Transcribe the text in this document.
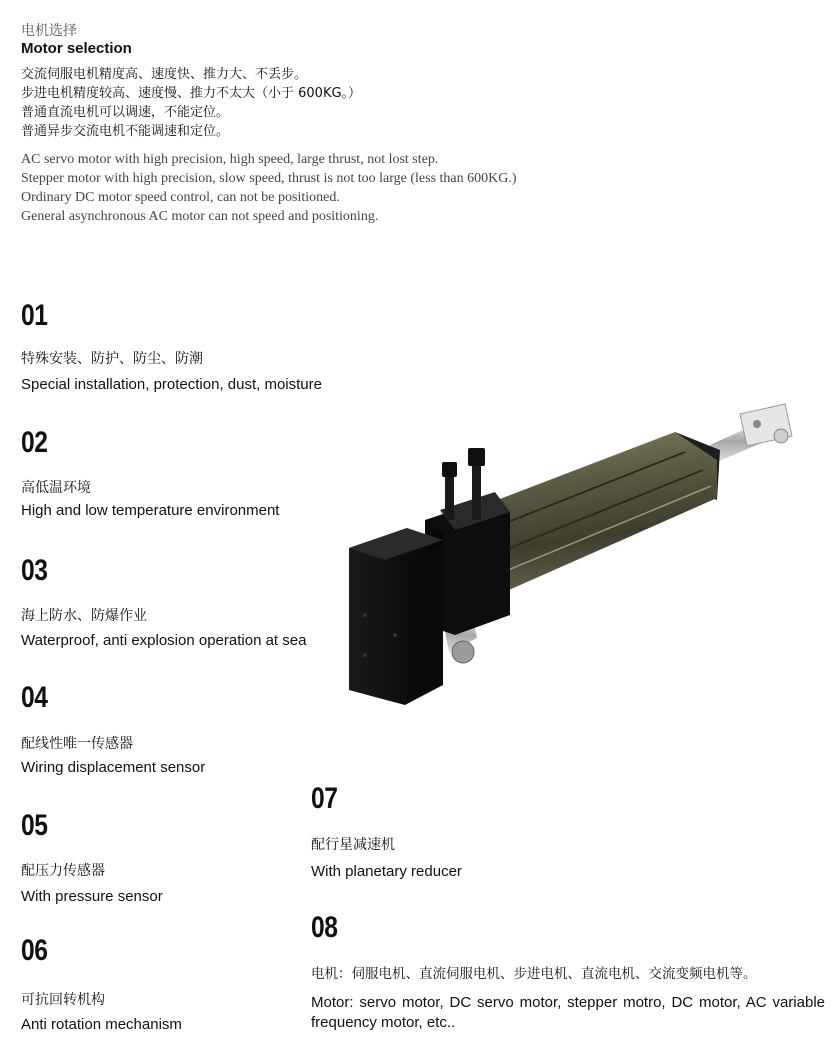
电机选择
Motor selection
交流伺服电机精度高、速度快、推力大、不丢步。
步进电机精度较高、速度慢、推力不太大（小于 600KG。）
普通直流电机可以调速，不能定位。
普通异步交流电机不能调速和定位。
AC servo motor with high precision, high speed, large thrust, not lost step.
Stepper motor with high precision, slow speed, thrust is not too large (less than 600KG.)
Ordinary DC motor speed control, can not be positioned.
General asynchronous AC motor can not speed and positioning.
01
特殊安装、防护、防尘、防潮
Special installation, protection, dust, moisture
02
高低温环境
High and low temperature environment
03
海上防水、防爆作业
Waterproof, anti explosion operation at sea
04
配线性唯一传感器
Wiring displacement sensor
05
配压力传感器
With pressure sensor
06
可抗回转机构
Anti rotation mechanism
07
配行星减速机
With planetary reducer
08
电机：伺服电机、直流伺服电机、步进电机、直流电机、交流变频电机等。
Motor: servo motor, DC servo motor, stepper motro, DC motor, AC variable frequency motor, etc..
